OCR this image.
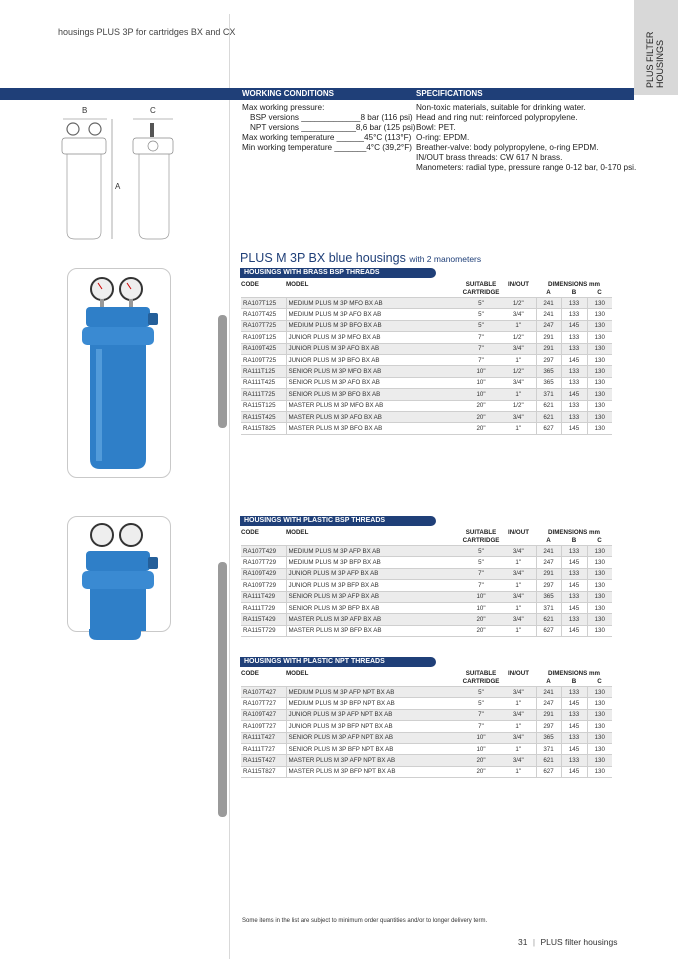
housings PLUS 3P for cartridges BX and CX	PLUS FILTER HOUSINGS
WORKING CONDITIONS	SPECIFICATIONS
B	C
A
Max working pressure:
BSP versions _____________8 bar (116 psi)
NPT versions ____________8,6 bar (125 psi)
Max working temperature ______45°C (113°F)
Min working temperature _______4°C (39,2°F)
Non-toxic materials, suitable for drinking water.
Head and ring nut: reinforced polypropylene.
Bowl: PET.
O-ring: EPDM.
Breather-valve: body polypropylene, o-ring EPDM.
IN/OUT brass threads: CW 617 N brass.
Manometers: radial type, pressure range 0-12 bar, 0-170 psi.
PLUS M 3P BX blue housings with 2 manometers
HOUSINGS WITH BRASS BSP THREADS
CODE	MODEL	SUITABLE	IN/OUT	DIMENSIONS mm		
		CARTRIDGE		A	B	C
RA107T125	MEDIUM PLUS M 3P MFO BX AB	5"	1/2"	241	133	130
RA107T425	MEDIUM PLUS M 3P AFO BX AB	5"	3/4"	241	133	130
RA107T725	MEDIUM PLUS M 3P BFO BX AB	5"	1"	247	145	130
RA109T125	JUNIOR PLUS M 3P MFO BX AB	7"	1/2"	291	133	130
RA109T425	JUNIOR PLUS M 3P AFO BX AB	7"	3/4"	291	133	130
RA109T725	JUNIOR PLUS M 3P BFO BX AB	7"	1"	297	145	130
RA111T125	SENIOR PLUS M 3P MFO BX AB	10"	1/2"	365	133	130
RA111T425	SENIOR PLUS M 3P AFO BX AB	10"	3/4"	365	133	130
RA111T725	SENIOR PLUS M 3P BFO BX AB	10"	1"	371	145	130
RA115T125	MASTER PLUS M 3P MFO BX AB	20"	1/2"	621	133	130
RA115T425	MASTER PLUS M 3P AFO BX AB	20"	3/4"	621	133	130
RA115T825	MASTER PLUS M 3P BFO BX AB	20"	1"	627	145	130
HOUSINGS WITH PLASTIC BSP THREADS
CODE	MODEL	SUITABLE	IN/OUT	DIMENSIONS mm		
		CARTRIDGE		A	B	C
RA107T429	MEDIUM PLUS M 3P AFP BX AB	5"	3/4"	241	133	130
RA107T729	MEDIUM PLUS M 3P BFP BX AB	5"	1"	247	145	130
RA109T429	JUNIOR PLUS M 3P AFP BX AB	7"	3/4"	291	133	130
RA109T729	JUNIOR PLUS M 3P BFP BX AB	7"	1"	297	145	130
RA111T429	SENIOR PLUS M 3P AFP BX AB	10"	3/4"	365	133	130
RA111T729	SENIOR PLUS M 3P BFP BX AB	10"	1"	371	145	130
RA115T429	MASTER PLUS M 3P AFP BX AB	20"	3/4"	621	133	130
RA115T729	MASTER PLUS M 3P BFP BX AB	20"	1"	627	145	130
HOUSINGS WITH PLASTIC NPT THREADS
CODE	MODEL	SUITABLE	IN/OUT	DIMENSIONS mm		
		CARTRIDGE		A	B	C
RA107T427	MEDIUM PLUS M 3P AFP NPT BX AB	5"	3/4"	241	133	130
RA107T727	MEDIUM PLUS M 3P BFP NPT BX AB	5"	1"	247	145	130
RA109T427	JUNIOR PLUS M 3P AFP NPT BX AB	7"	3/4"	291	133	130
RA109T727	JUNIOR PLUS M 3P BFP NPT BX AB	7"	1"	297	145	130
RA111T427	SENIOR PLUS M 3P AFP NPT BX AB	10"	3/4"	365	133	130
RA111T727	SENIOR PLUS M 3P BFP NPT BX AB	10"	1"	371	145	130
RA115T427	MASTER PLUS M 3P AFP NPT BX AB	20"	3/4"	621	133	130
RA115T827	MASTER PLUS M 3P BFP NPT BX AB	20"	1"	627	145	130
Some items in the list are subject to minimum order quantities and/or to longer delivery term.
31 | PLUS filter housings
